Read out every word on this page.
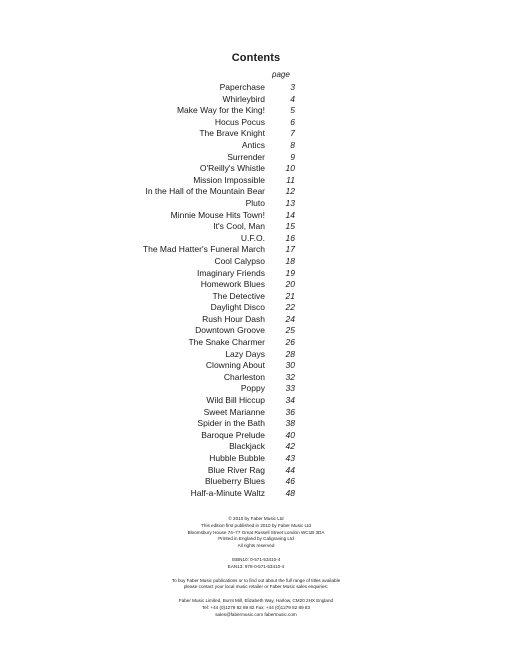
Contents
page
Paperchase	3
Whirleybird	4
Make Way for the King!	5
Hocus Pocus	6
The Brave Knight	7
Antics	8
Surrender	9
O'Reilly's Whistle	10
Mission Impossible	11
In the Hall of the Mountain Bear	12
Pluto	13
Minnie Mouse Hits Town!	14
It's Cool, Man	15
U.F.O.	16
The Mad Hatter's Funeral March	17
Cool Calypso	18
Imaginary Friends	19
Homework Blues	20
The Detective	21
Daylight Disco	22
Rush Hour Dash	24
Downtown Groove	25
The Snake Charmer	26
Lazy Days	28
Clowning About	30
Charleston	32
Poppy	33
Wild Bill Hiccup	34
Sweet Marianne	36
Spider in the Bath	38
Baroque Prelude	40
Blackjack	42
Hubble Bubble	43
Blue River Rag	44
Blueberry Blues	46
Half-a-Minute Waltz	48
© 2010 by Faber Music Ltd
This edition first published in 2010 by Faber Music Ltd
Bloomsbury House 74–77 Great Russell Street London WC1B 3DA
Printed in England by Caligraving Ltd
All rights reserved
ISBN10: 0-571-53410-4
EAN13: 978-0-571-53410-4
To buy Faber Music publications or to find out about the full range of titles available
please contact your local music retailer or Faber Music sales enquiries:
Faber Music Limited, Burnt Mill, Elizabeth Way, Harlow, CM20 2HX England
Tel: +44 (0)1279 82 89 82 Fax: +44 (0)1279 82 89 83
sales@fabermusic.com fabermusic.com
